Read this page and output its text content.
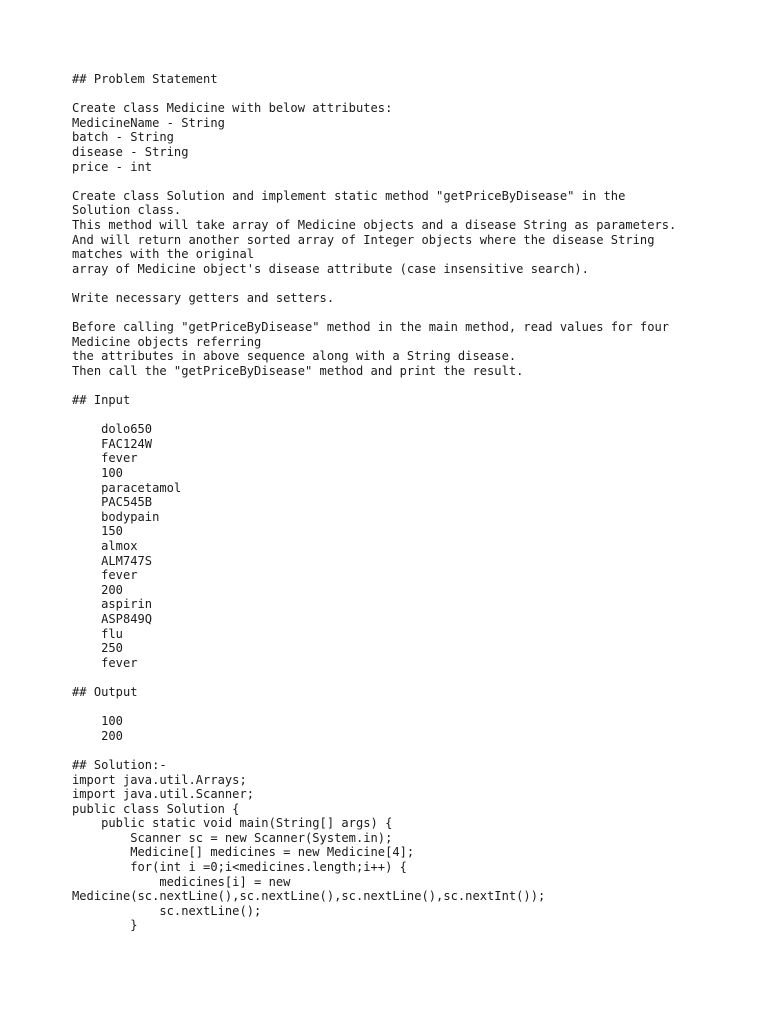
## Problem Statement
Create class Medicine with below attributes:
MedicineName - String
batch - String
disease - String
price - int
Create class Solution and implement static method "getPriceByDisease" in the
Solution class.
This method will take array of Medicine objects and a disease String as parameters.
And will return another sorted array of Integer objects where the disease String
matches with the original
array of Medicine object's disease attribute (case insensitive search).
Write necessary getters and setters.
Before calling "getPriceByDisease" method in the main method, read values for four
Medicine objects referring
the attributes in above sequence along with a String disease.
Then call the "getPriceByDisease" method and print the result.
## Input
dolo650
FAC124W
fever
100
paracetamol
PAC545B
bodypain
150
almox
ALM747S
fever
200
aspirin
ASP849Q
flu
250
fever
## Output
100
200
## Solution:-
import java.util.Arrays;
import java.util.Scanner;
public class Solution {
public static void main(String[] args) {
Scanner sc = new Scanner(System.in);
Medicine[] medicines = new Medicine[4];
for(int i =0;i<medicines.length;i++) {
medicines[i] = new
Medicine(sc.nextLine(),sc.nextLine(),sc.nextLine(),sc.nextInt());
sc.nextLine();
}
